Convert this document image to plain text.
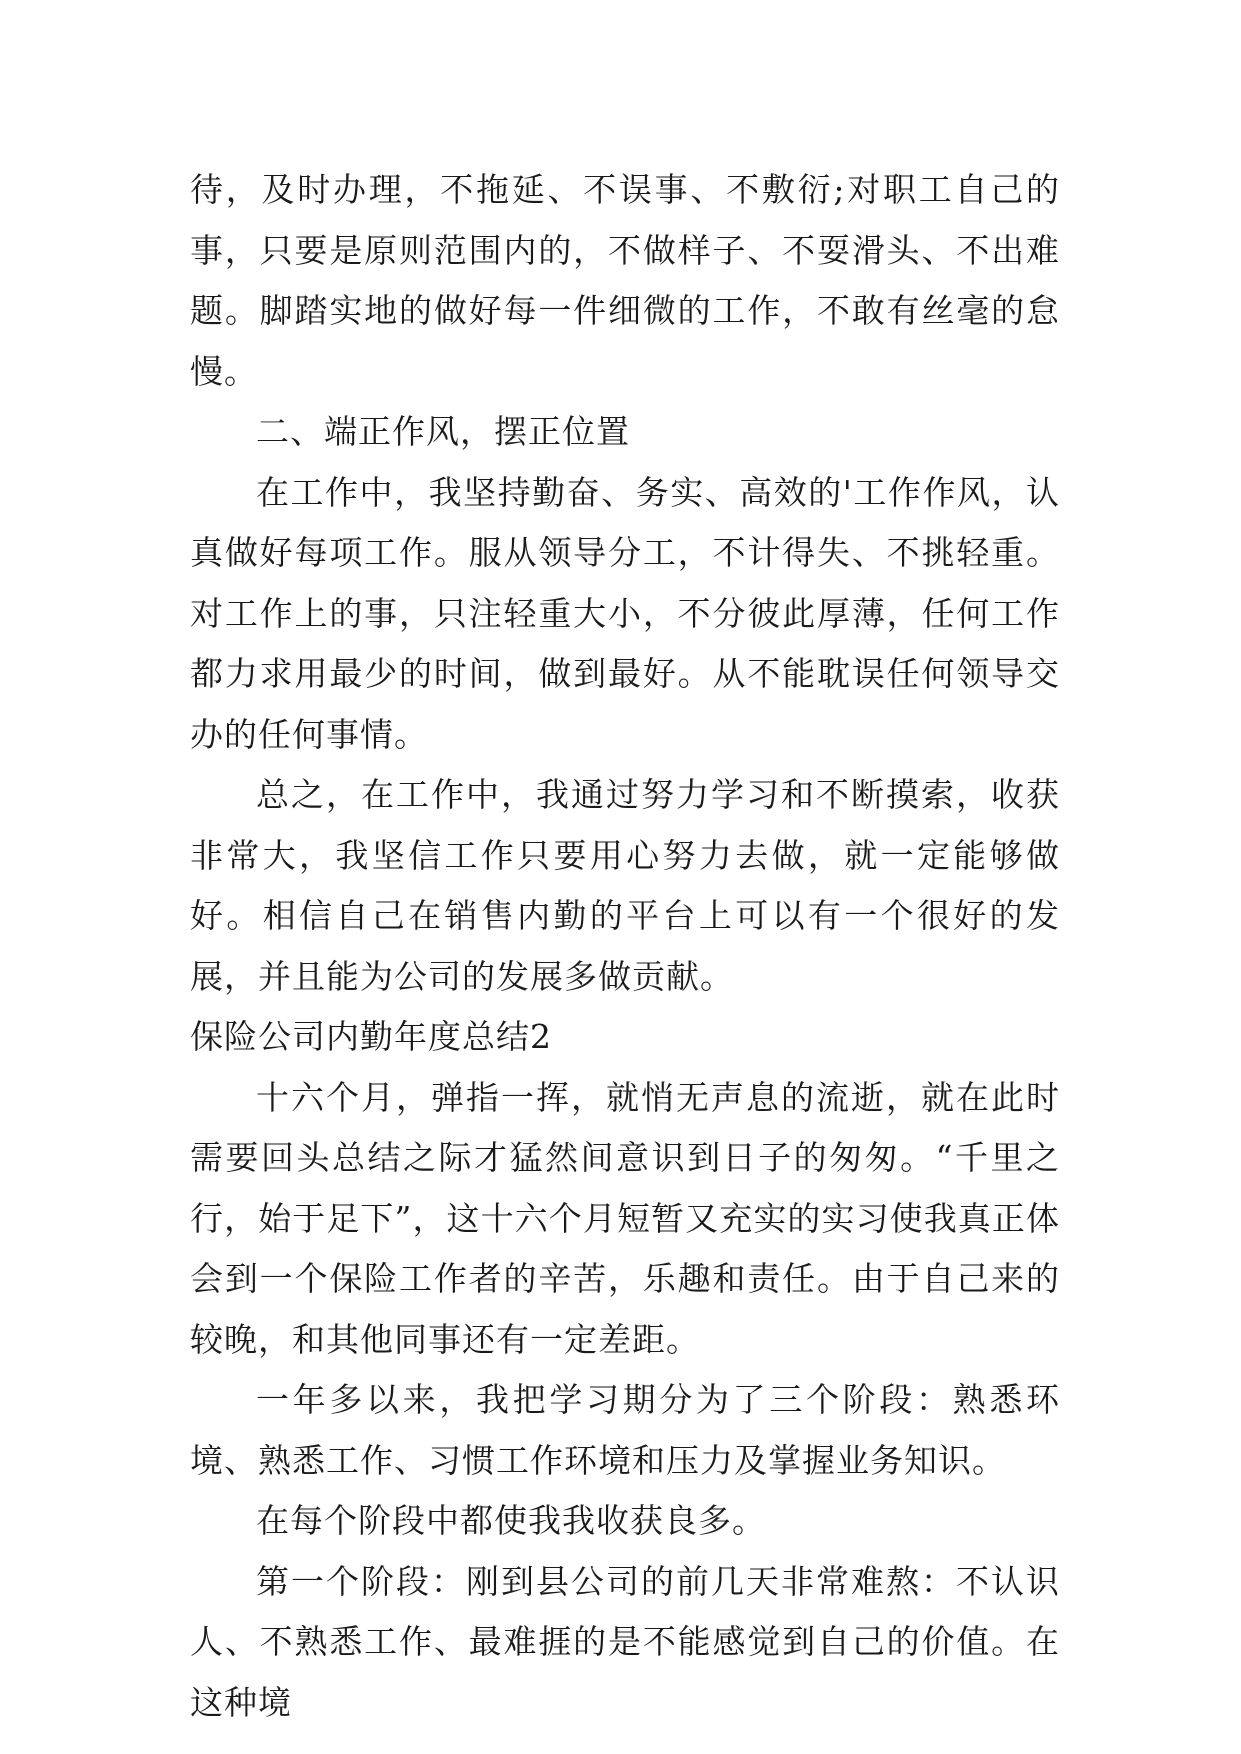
待，及时办理，不拖延、不误事、不敷衍;对职工自己的事，只要是原则范围内的，不做样子、不耍滑头、不出难题。脚踏实地的做好每一件细微的工作，不敢有丝毫的怠慢。

二、端正作风，摆正位置

在工作中，我坚持勤奋、务实、高效的'工作作风，认真做好每项工作。服从领导分工，不计得失、不挑轻重。对工作上的事，只注轻重大小，不分彼此厚薄，任何工作都力求用最少的时间，做到最好。从不能耽误任何领导交办的任何事情。

总之，在工作中，我通过努力学习和不断摸索，收获非常大，我坚信工作只要用心努力去做，就一定能够做好。相信自己在销售内勤的平台上可以有一个很好的发展，并且能为公司的发展多做贡献。

保险公司内勤年度总结2

十六个月，弹指一挥，就悄无声息的流逝，就在此时需要回头总结之际才猛然间意识到日子的匆匆。“千里之行，始于足下”，这十六个月短暂又充实的实习使我真正体会到一个保险工作者的辛苦，乐趣和责任。由于自己来的较晚，和其他同事还有一定差距。

一年多以来，我把学习期分为了三个阶段：熟悉环境、熟悉工作、习惯工作环境和压力及掌握业务知识。

在每个阶段中都使我我收获良多。

第一个阶段：刚到县公司的前几天非常难熬：不认识人、不熟悉工作、最难捱的是不能感觉到自己的价值。在这种境
